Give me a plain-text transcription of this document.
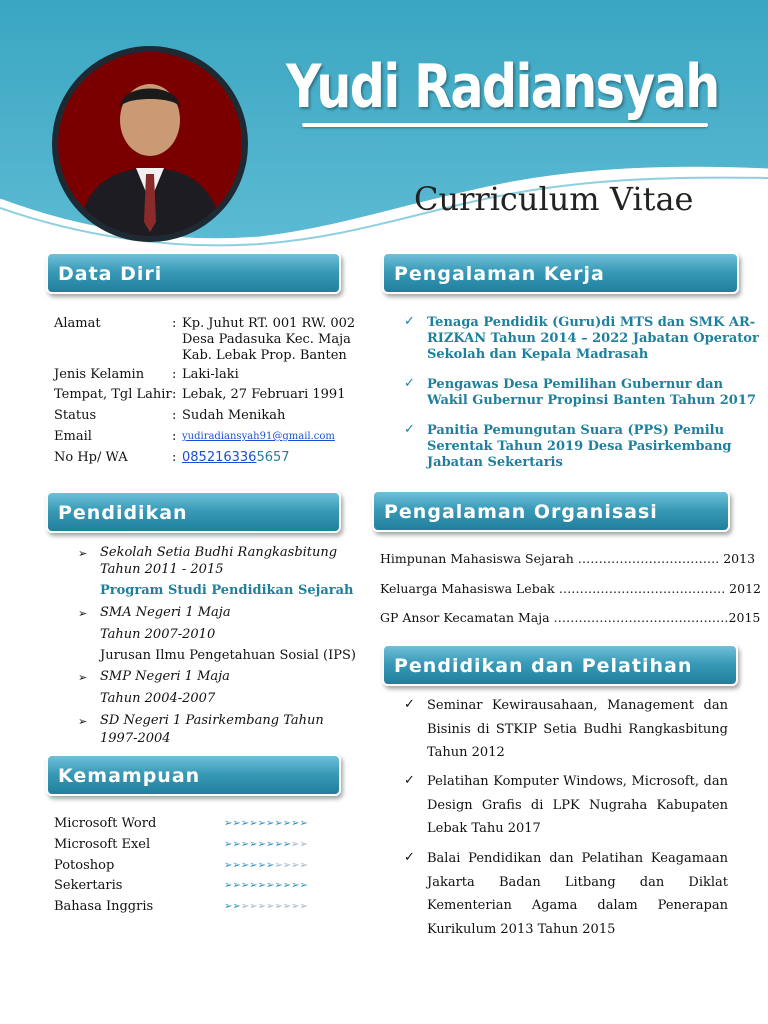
Yudi Radiansyah
Curriculum Vitae
Data Diri
Alamat	: Kp. Juhut RT. 001 RW. 002
Desa Padasuka Kec. Maja
Kab. Lebak Prop. Banten
Jenis Kelamin : Laki-laki
Tempat, Tgl Lahir : Lebak, 27 Februari 1991
Status	: Sudah Menikah
Email	: yudiradiansyah91@gmail.com
No Hp/ WA	: 0852163365657
Pendidikan
➢ Sekolah Setia Budhi Rangkasbitung
Tahun 2011 - 2015
Program Studi Pendidikan Sejarah
➢ SMA Negeri 1 Maja
Tahun 2007-2010
Jurusan Ilmu Pengetahuan Sosial (IPS)
➢ SMP Negeri 1 Maja
Tahun 2004-2007
➢ SD Negeri 1 Pasirkembang Tahun
1997-2004
Kemampuan
Microsoft Word	➢➢➢➢➢➢➢➢➢➢
Microsoft Exel	➢➢➢➢➢➢➢➢➢➢
Potoshop	➢➢➢➢➢➢➢➢➢➢
Sekertaris	➢➢➢➢➢➢➢➢➢➢
Bahasa Inggris	➢➢➢➢➢➢➢➢➢➢
Pengalaman Kerja
✓ Tenaga Pendidik (Guru)di MTS dan SMK AR-
RIZKAN Tahun 2014 – 2022 Jabatan Operator
Sekolah dan Kepala Madrasah
✓ Pengawas Desa Pemilihan Gubernur dan
Wakil Gubernur Propinsi Banten Tahun 2017
✓ Panitia Pemungutan Suara (PPS) Pemilu
Serentak Tahun 2019 Desa Pasirkembang
Jabatan Sekertaris
Pengalaman Organisasi
Himpunan Mahasiswa Sejarah ……………………………. 2013
Keluarga Mahasiswa Lebak …………………………………. 2012
GP Ansor Kecamatan Maja ……………………………………2015
Pendidikan dan Pelatihan
✓ Seminar Kewirausahaan, Management dan Bisinis di STKIP Setia Budhi Rangkasbitung Tahun 2012
✓ Pelatihan Komputer Windows, Microsoft, dan Design Grafis di LPK Nugraha Kabupaten Lebak Tahu 2017
✓ Balai Pendidikan dan Pelatihan Keagamaan Jakarta Badan Litbang dan Diklat Kementerian Agama dalam Penerapan Kurikulum 2013 Tahun 2015
